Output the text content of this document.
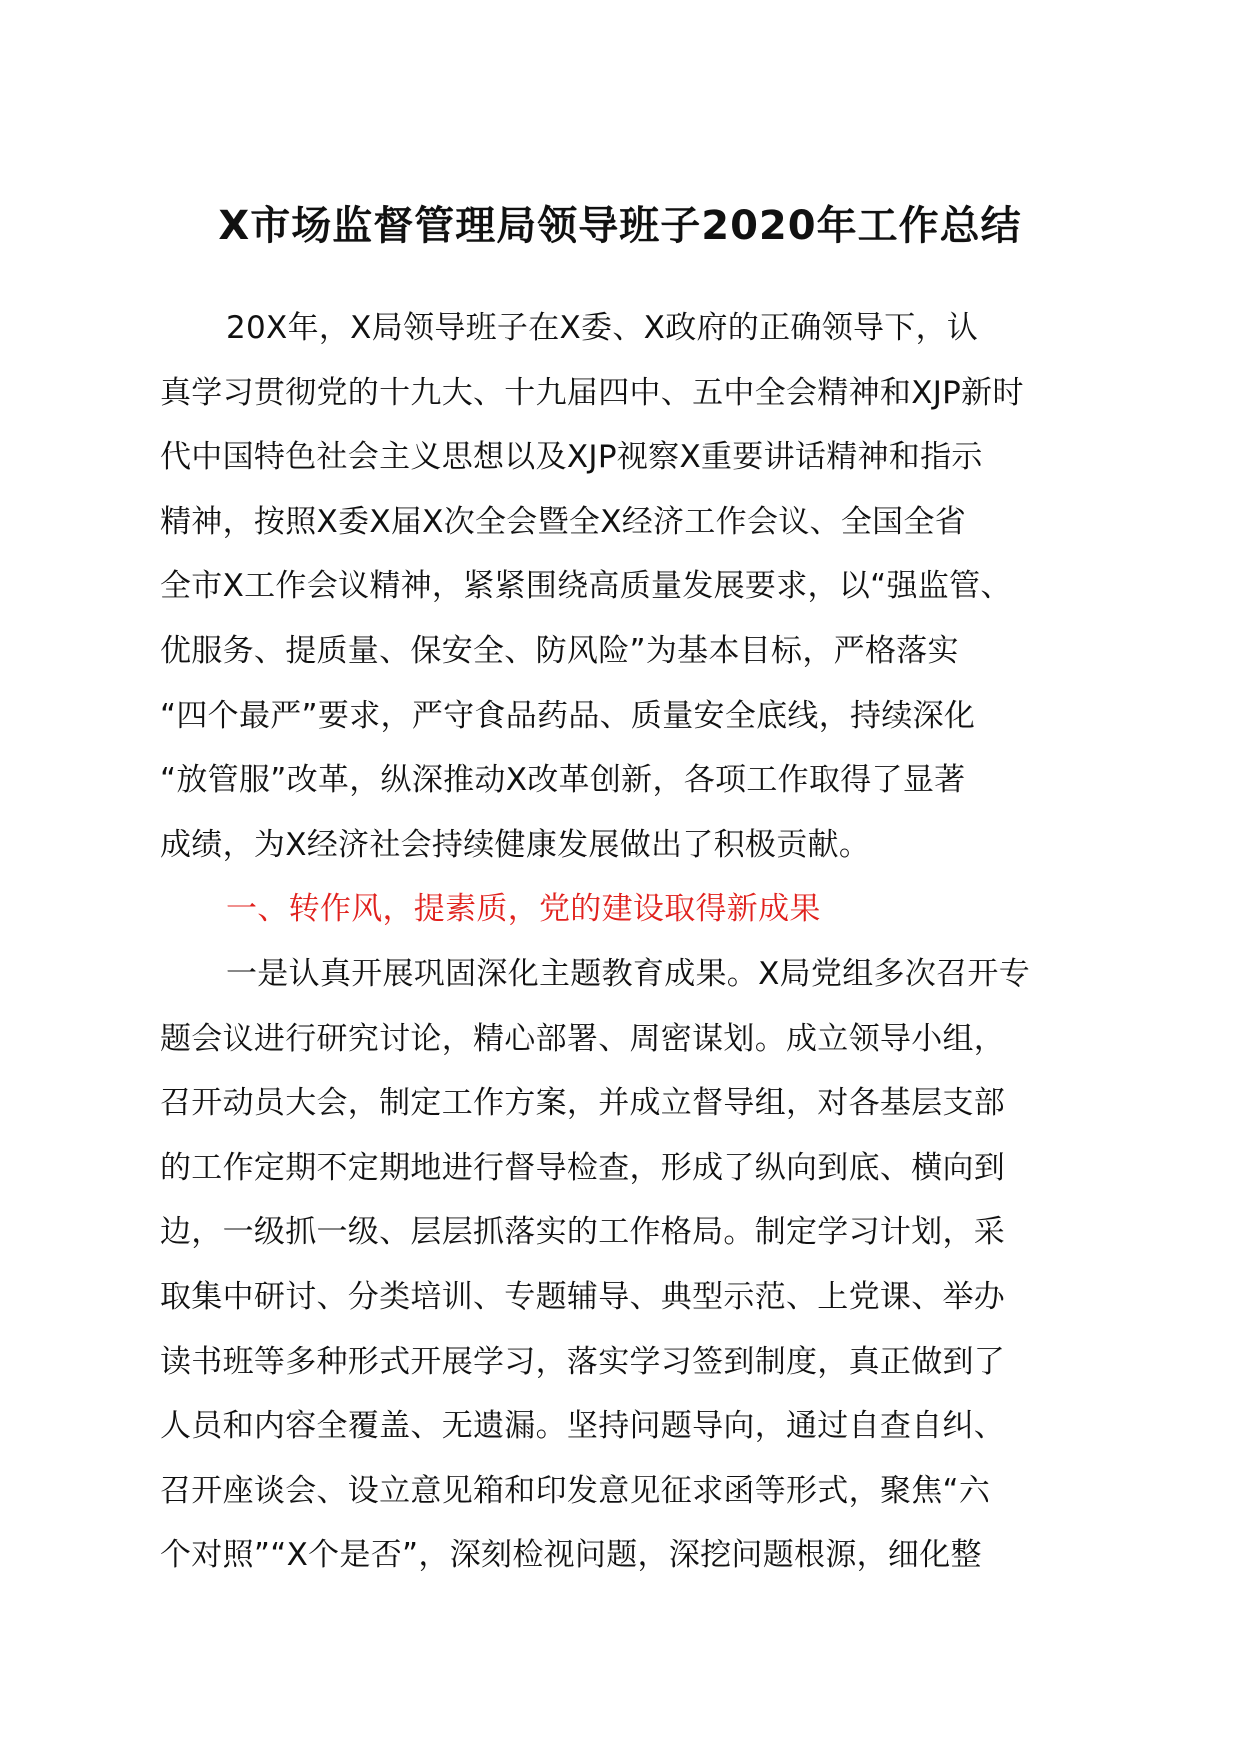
X市场监督管理局领导班子2020年工作总结
20X年，X局领导班子在X委、X政府的正确领导下，认
真学习贯彻党的十九大、十九届四中、五中全会精神和XJP新时
代中国特色社会主义思想以及XJP视察X重要讲话精神和指示
精神，按照X委X届X次全会暨全X经济工作会议、全国全省
全市X工作会议精神，紧紧围绕高质量发展要求，以“强监管、
优服务、提质量、保安全、防风险”为基本目标，严格落实
“四个最严”要求，严守食品药品、质量安全底线，持续深化
“放管服”改革，纵深推动X改革创新，各项工作取得了显著
成绩，为X经济社会持续健康发展做出了积极贡献。
一、转作风，提素质，党的建设取得新成果
一是认真开展巩固深化主题教育成果。X局党组多次召开专
题会议进行研究讨论，精心部署、周密谋划。成立领导小组，
召开动员大会，制定工作方案，并成立督导组，对各基层支部
的工作定期不定期地进行督导检查，形成了纵向到底、横向到
边，一级抓一级、层层抓落实的工作格局。制定学习计划，采
取集中研讨、分类培训、专题辅导、典型示范、上党课、举办
读书班等多种形式开展学习，落实学习签到制度，真正做到了
人员和内容全覆盖、无遗漏。坚持问题导向，通过自查自纠、
召开座谈会、设立意见箱和印发意见征求函等形式，聚焦“六
个对照”“X个是否”，深刻检视问题，深挖问题根源，细化整
